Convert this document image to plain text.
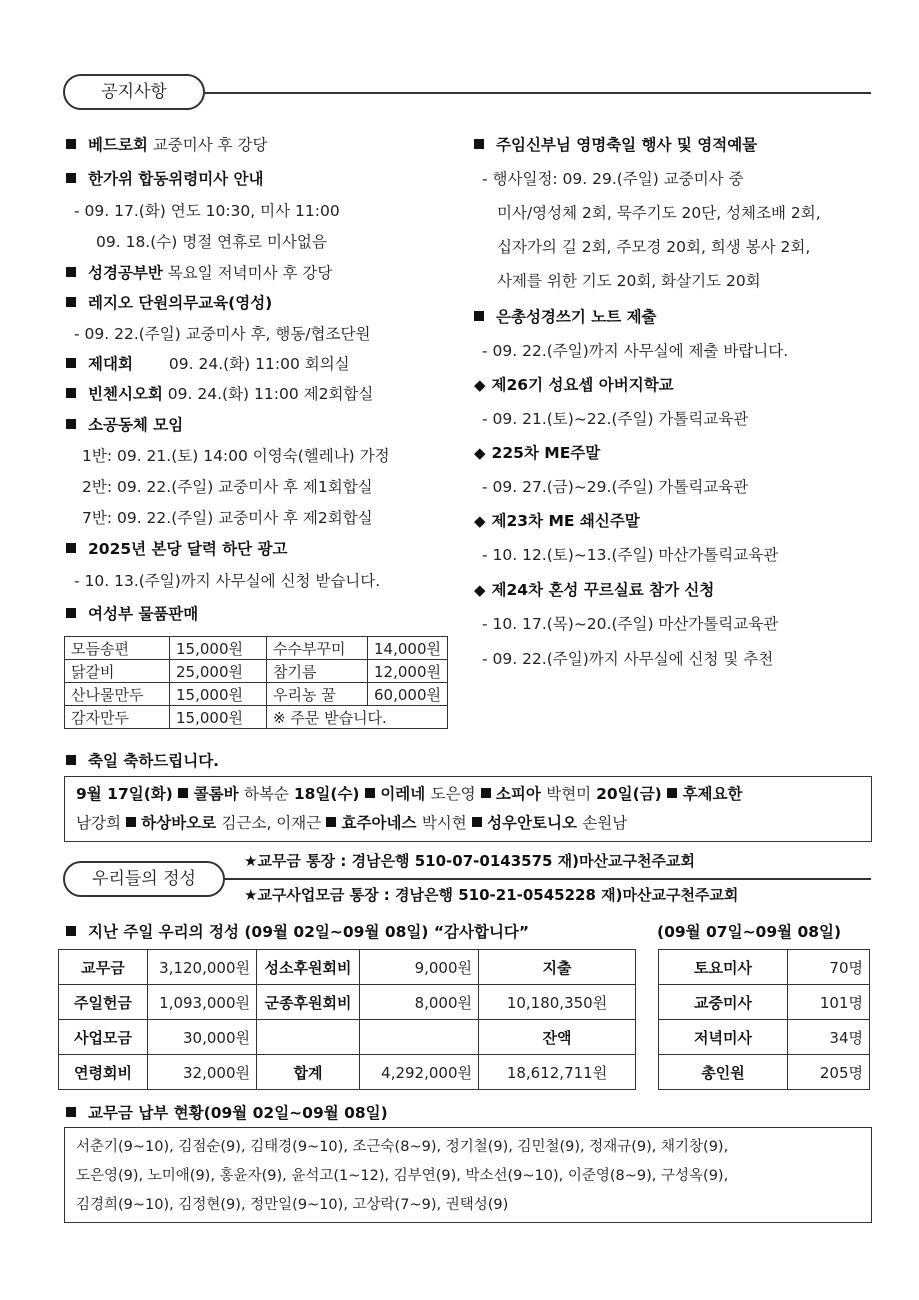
공지사항
베드로회 교중미사 후 강당
한가위 합동위령미사 안내
- 09. 17.(화) 연도 10:30, 미사 11:00
09. 18.(수) 명절 연휴로 미사없음
성경공부반 목요일 저녁미사 후 강당
레지오 단원의무교육(영성)
- 09. 22.(주일) 교중미사 후, 행동/협조단원
제대회 09. 24.(화) 11:00 회의실
빈첸시오회 09. 24.(화) 11:00 제2회합실
소공동체 모임
1반: 09. 21.(토) 14:00 이영숙(헬레나) 가정
2반: 09. 22.(주일) 교중미사 후 제1회합실
7반: 09. 22.(주일) 교중미사 후 제2회합실
2025년 본당 달력 하단 광고
- 10. 13.(주일)까지 사무실에 신청 받습니다.
여성부 물품판매
모듬송편	15,000원	수수부꾸미	14,000원
닭갈비	25,000원	참기름	12,000원
산나물만두	15,000원	우리농 꿀	60,000원
감자만두	15,000원	※ 주문 받습니다.	
주임신부님 영명축일 행사 및 영적예물
- 행사일정: 09. 29.(주일) 교중미사 중
미사/영성체 2회, 묵주기도 20단, 성체조배 2회,
십자가의 길 2회, 주모경 20회, 희생 봉사 2회,
사제를 위한 기도 20회, 화살기도 20회
은총성경쓰기 노트 제출
- 09. 22.(주일)까지 사무실에 제출 바랍니다.
◆ 제26기 성요셉 아버지학교
- 09. 21.(토)~22.(주일) 가톨릭교육관
◆ 225차 ME주말
- 09. 27.(금)~29.(주일) 가톨릭교육관
◆ 제23차 ME 쇄신주말
- 10. 12.(토)~13.(주일) 마산가톨릭교육관
◆ 제24차 혼성 꾸르실료 참가 신청
- 10. 17.(목)~20.(주일) 마산가톨릭교육관
- 09. 22.(주일)까지 사무실에 신청 및 추천
축일 축하드립니다.
9월 17일(화)  콜롬바 하복순 18일(수)  이레네 도은영  소피아 박현미 20일(금)  후제요한
남강희  하상바오로 김근소, 이재근  효주아네스 박시현  성우안토니오 손원남
우리들의 정성
★교무금 통장 : 경남은행 510-07-0143575 재)마산교구천주교회
★교구사업모금 통장 : 경남은행 510-21-0545228 재)마산교구천주교회
지난 주일 우리의 정성 (09월 02일~09월 08일) “감사합니다”	(09월 07일~09월 08일)
교무금	3,120,000원	성소후원회비	9,000원	지출
주일헌금	1,093,000원	군종후원회비	8,000원	10,180,350원
사업모금	30,000원			잔액
연령회비	32,000원	합계	4,292,000원	18,612,711원
토요미사	70명
교중미사	101명
저녁미사	34명
총인원	205명
교무금 납부 현황(09월 02일~09월 08일)
서춘기(9~10), 김점순(9), 김태경(9~10), 조근숙(8~9), 정기철(9), 김민철(9), 정재규(9), 채기창(9),
도은영(9), 노미애(9), 홍윤자(9), 윤석고(1~12), 김부연(9), 박소선(9~10), 이준영(8~9), 구성옥(9),
김경희(9~10), 김정현(9), 정만일(9~10), 고상락(7~9), 권택성(9)
